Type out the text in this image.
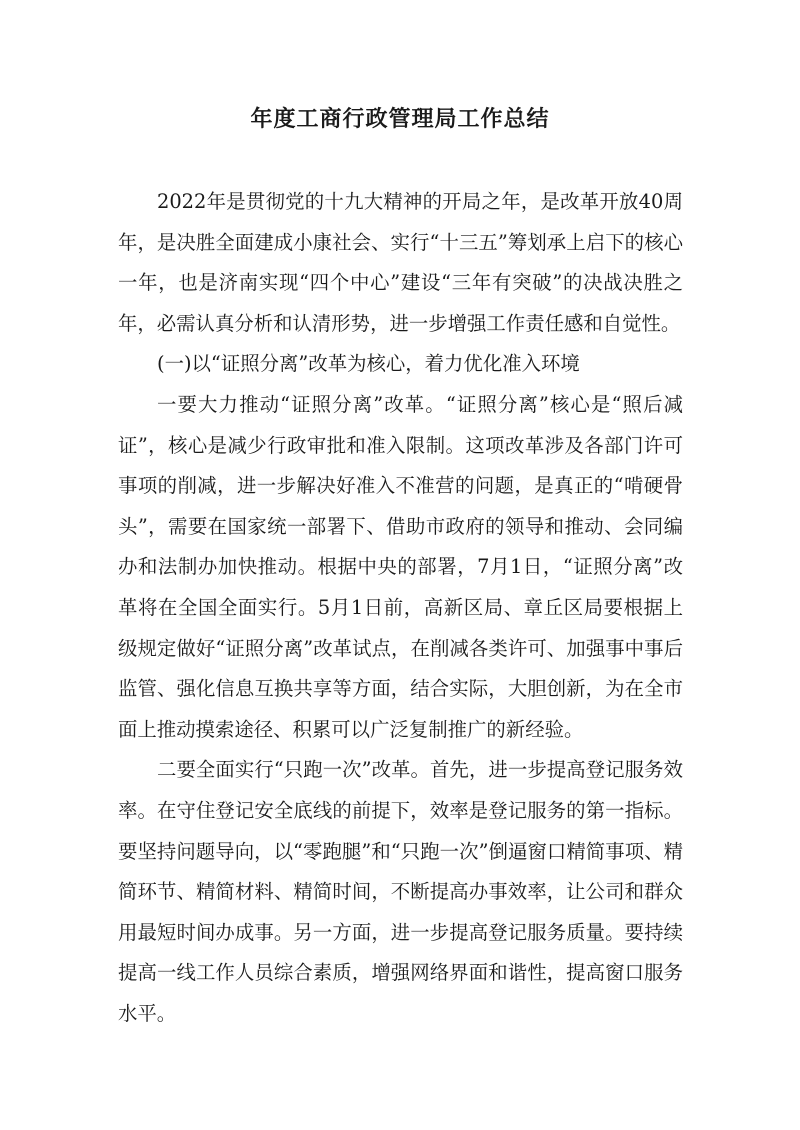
年度工商行政管理局工作总结

2022年是贯彻党的十九大精神的开局之年，是改革开放40周年，是决胜全面建成小康社会、实行“十三五”筹划承上启下的核心一年，也是济南实现“四个中心”建设“三年有突破”的决战决胜之年，必需认真分析和认清形势，进一步增强工作责任感和自觉性。

(一)以“证照分离”改革为核心，着力优化准入环境

一要大力推动“证照分离”改革。“证照分离”核心是“照后减证”，核心是减少行政审批和准入限制。这项改革涉及各部门许可事项的削减，进一步解决好准入不准营的问题，是真正的“啃硬骨头”，需要在国家统一部署下、借助市政府的领导和推动、会同编办和法制办加快推动。根据中央的部署，7月1日，“证照分离”改革将在全国全面实行。5月1日前，高新区局、章丘区局要根据上级规定做好“证照分离”改革试点，在削减各类许可、加强事中事后监管、强化信息互换共享等方面，结合实际，大胆创新，为在全市面上推动摸索途径、积累可以广泛复制推广的新经验。

二要全面实行“只跑一次”改革。首先，进一步提高登记服务效率。在守住登记安全底线的前提下，效率是登记服务的第一指标。要坚持问题导向，以“零跑腿”和“只跑一次”倒逼窗口精简事项、精简环节、精简材料、精简时间，不断提高办事效率，让公司和群众用最短时间办成事。另一方面，进一步提高登记服务质量。要持续提高一线工作人员综合素质，增强网络界面和谐性，提高窗口服务水平。
